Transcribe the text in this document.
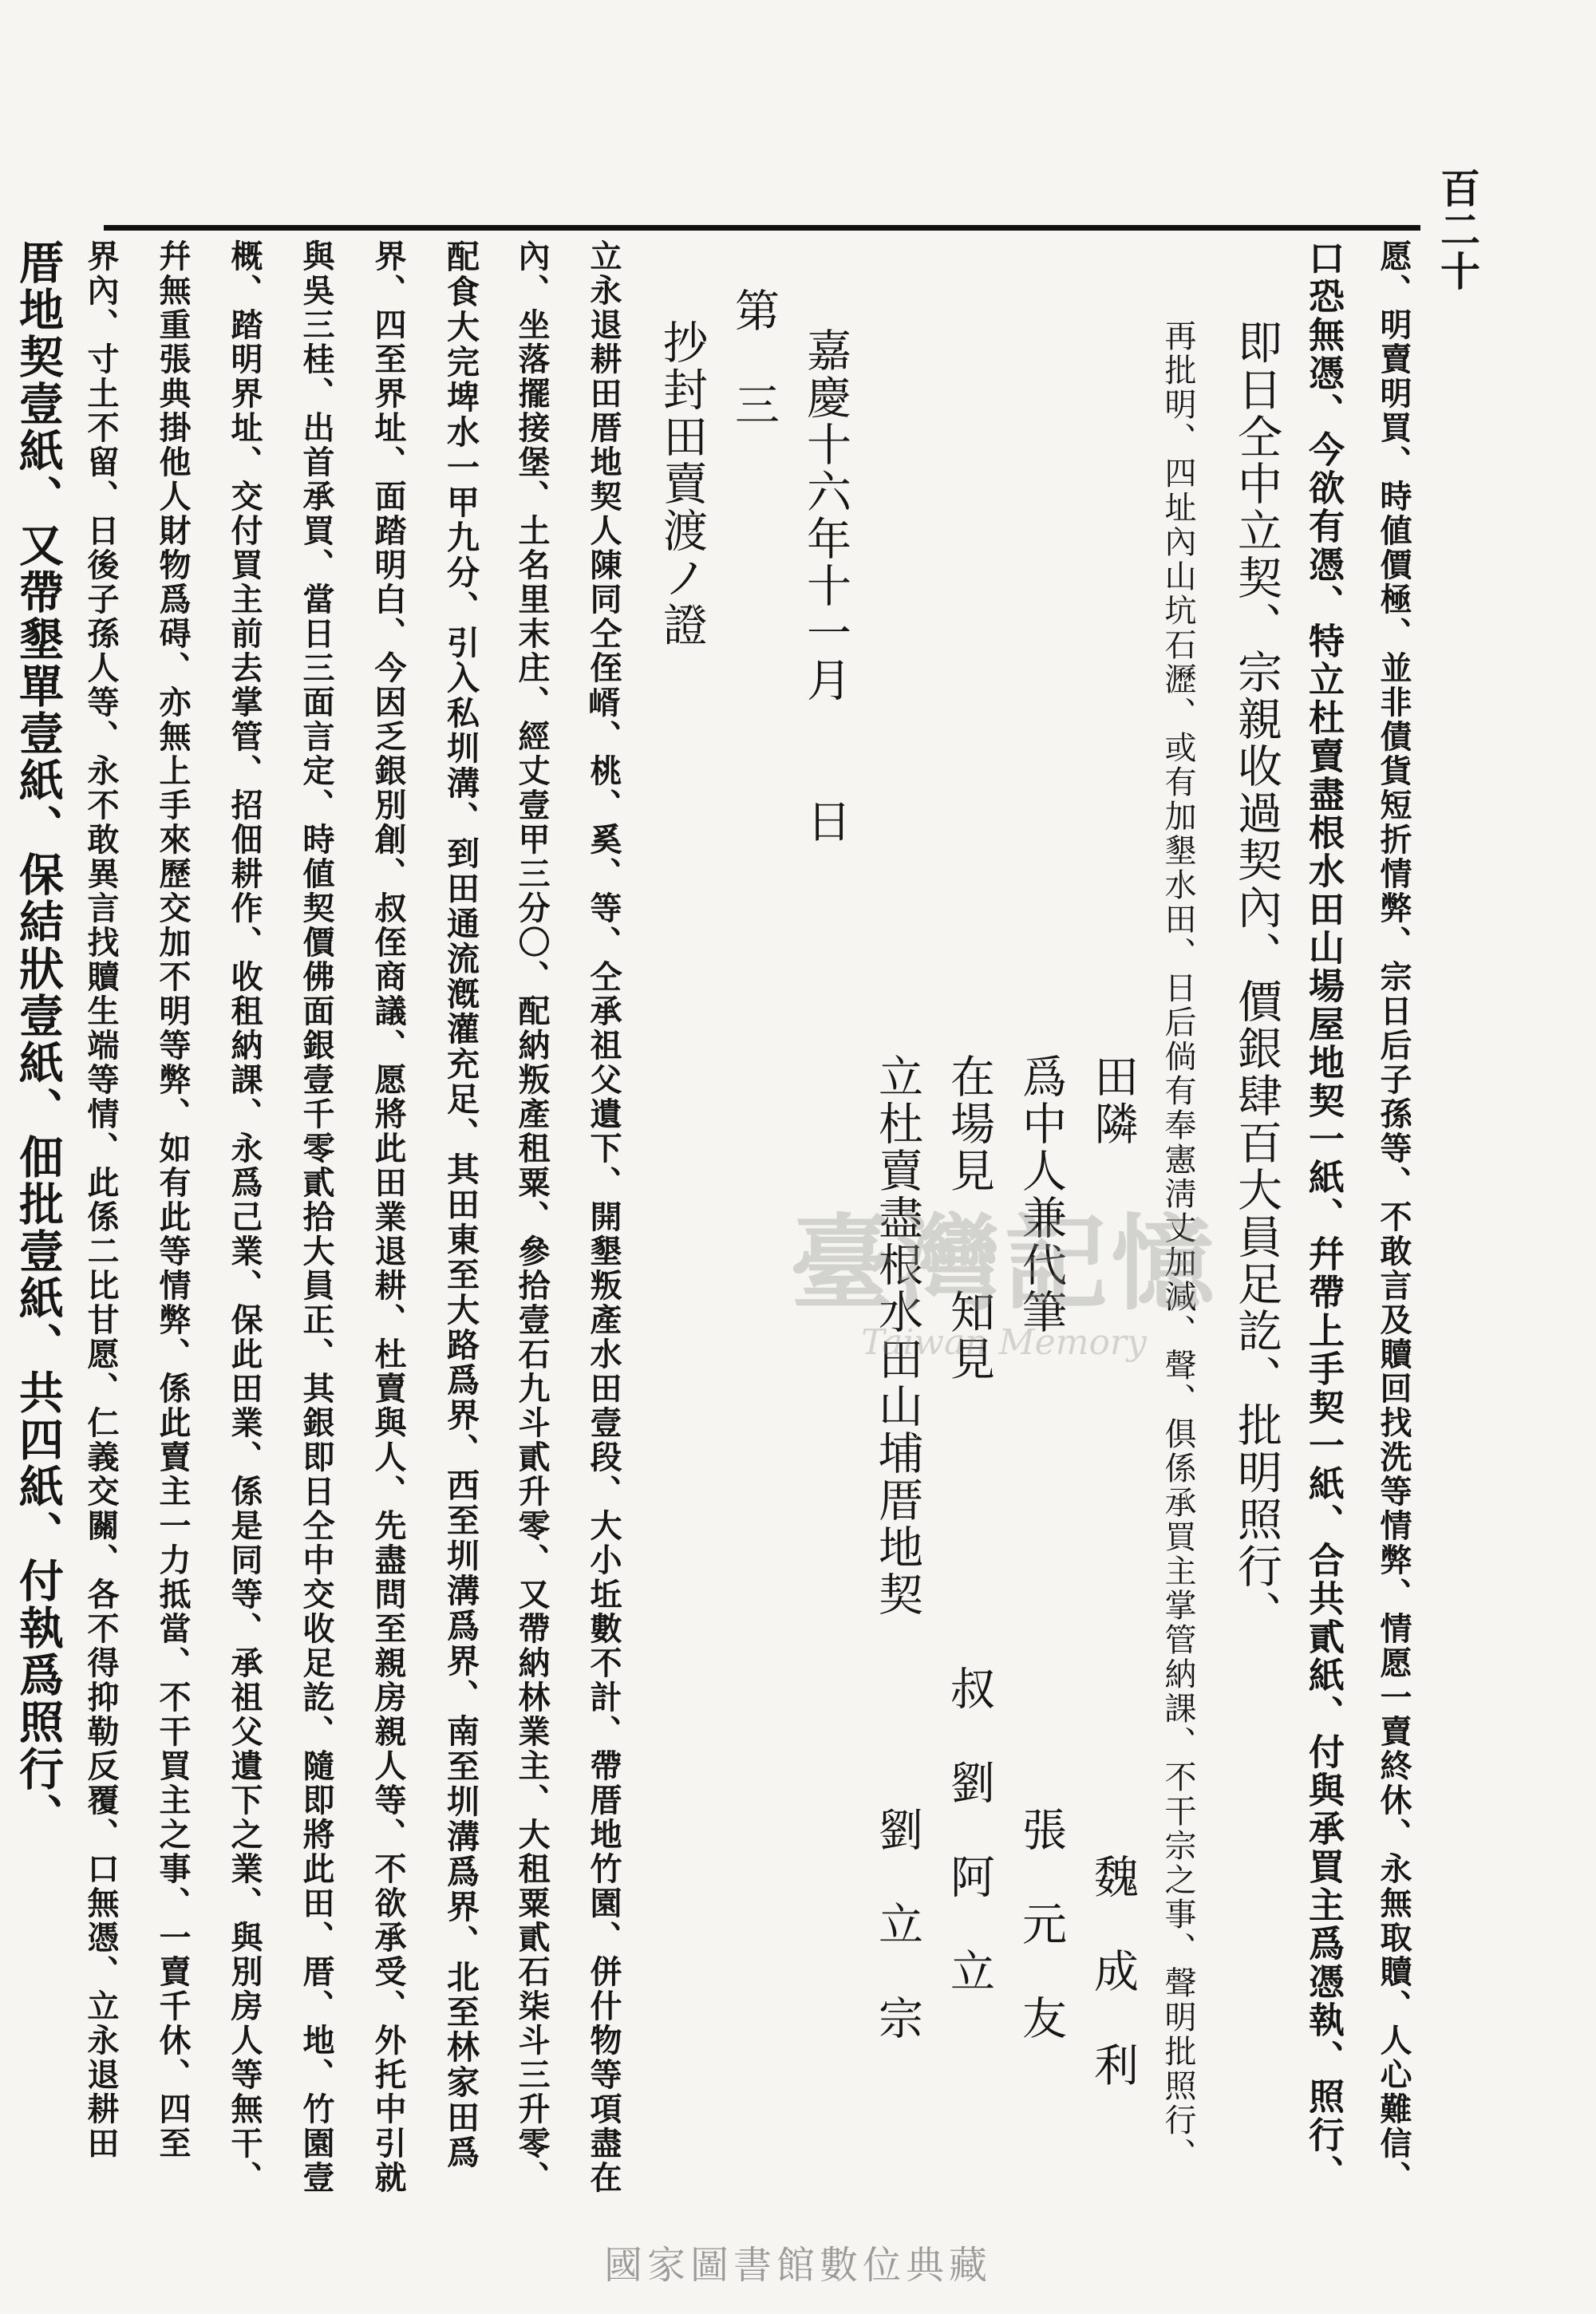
百二十
愿、明賣明買、時値價極、並非債貨短折情弊、宗日后子孫等、不敢言及贖回找洗等情弊、情愿一賣終休、永無取贖、人心難信、
口恐無憑、今欲有憑、特立杜賣盡根水田山場屋地契一紙、幷帶上手契一紙、合共貳紙、付與承買主爲憑執、照行、
即日仝中立契、宗親收過契內、價銀肆百大員足訖、批明照行、
再批明、四址內山坑石瀝、或有加墾水田、日后倘有奉憲淸丈加減、聲、俱係承買主掌管納課、不干宗之事、聲明批照行、
田隣　　　　　　　　　　　　　　　魏　成　利
爲中人兼代筆　　　　　　　　　　張　元　友
在場見　　知見　　　　　　叔　劉　阿　立
立杜賣盡根水田山埔厝地契　　　　劉　立　宗
嘉慶十六年十一月　　日
第　三
抄封田賣渡ノ證
立永退耕田厝地契人陳同仝侄𡹲、桃、奚、等、仝承祖父遺下、開墾叛產水田壹段、大小坵數不計、帶厝地竹園、併什物等項盡在
內、坐落擺接堡、土名里末庄、經丈壹甲三分〇、配納叛產租粟、參拾壹石九斗貳升零、又帶納林業主、大租粟貳石柒斗三升零、
配食大完埤水一甲九分、引入私圳溝、到田通流漑灌充足、其田東至大路爲界、西至圳溝爲界、南至圳溝爲界、北至林家田爲
界、四至界址、面踏明白、今因乏銀別創、叔侄商議、愿將此田業退耕、杜賣與人、先盡問至親房親人等、不欲承受、外托中引就
與吳三桂、出首承買、當日三面言定、時値契價佛面銀壹千零貳拾大員正、其銀即日仝中交收足訖、隨即將此田、厝、地、竹園壹
概、踏明界址、交付買主前去掌管、招佃耕作、收租納課、永爲己業、保此田業、係是同等、承祖父遺下之業、與別房人等無干、
幷無重張典掛他人財物爲碍、亦無上手來歷交加不明等弊、如有此等情弊、係此賣主一力抵當、不干買主之事、一賣千休、四至
界內、寸土不留、日後子孫人等、永不敢異言找贖生端等情、此係二比甘愿、仁義交關、各不得抑勒反覆、口無憑、立永退耕田
厝地契壹紙、又帶墾單壹紙、保結狀壹紙、佃批壹紙、共四紙、付執爲照行、	臺灣記憶
Taiwan Memory
國家圖書館數位典藏
